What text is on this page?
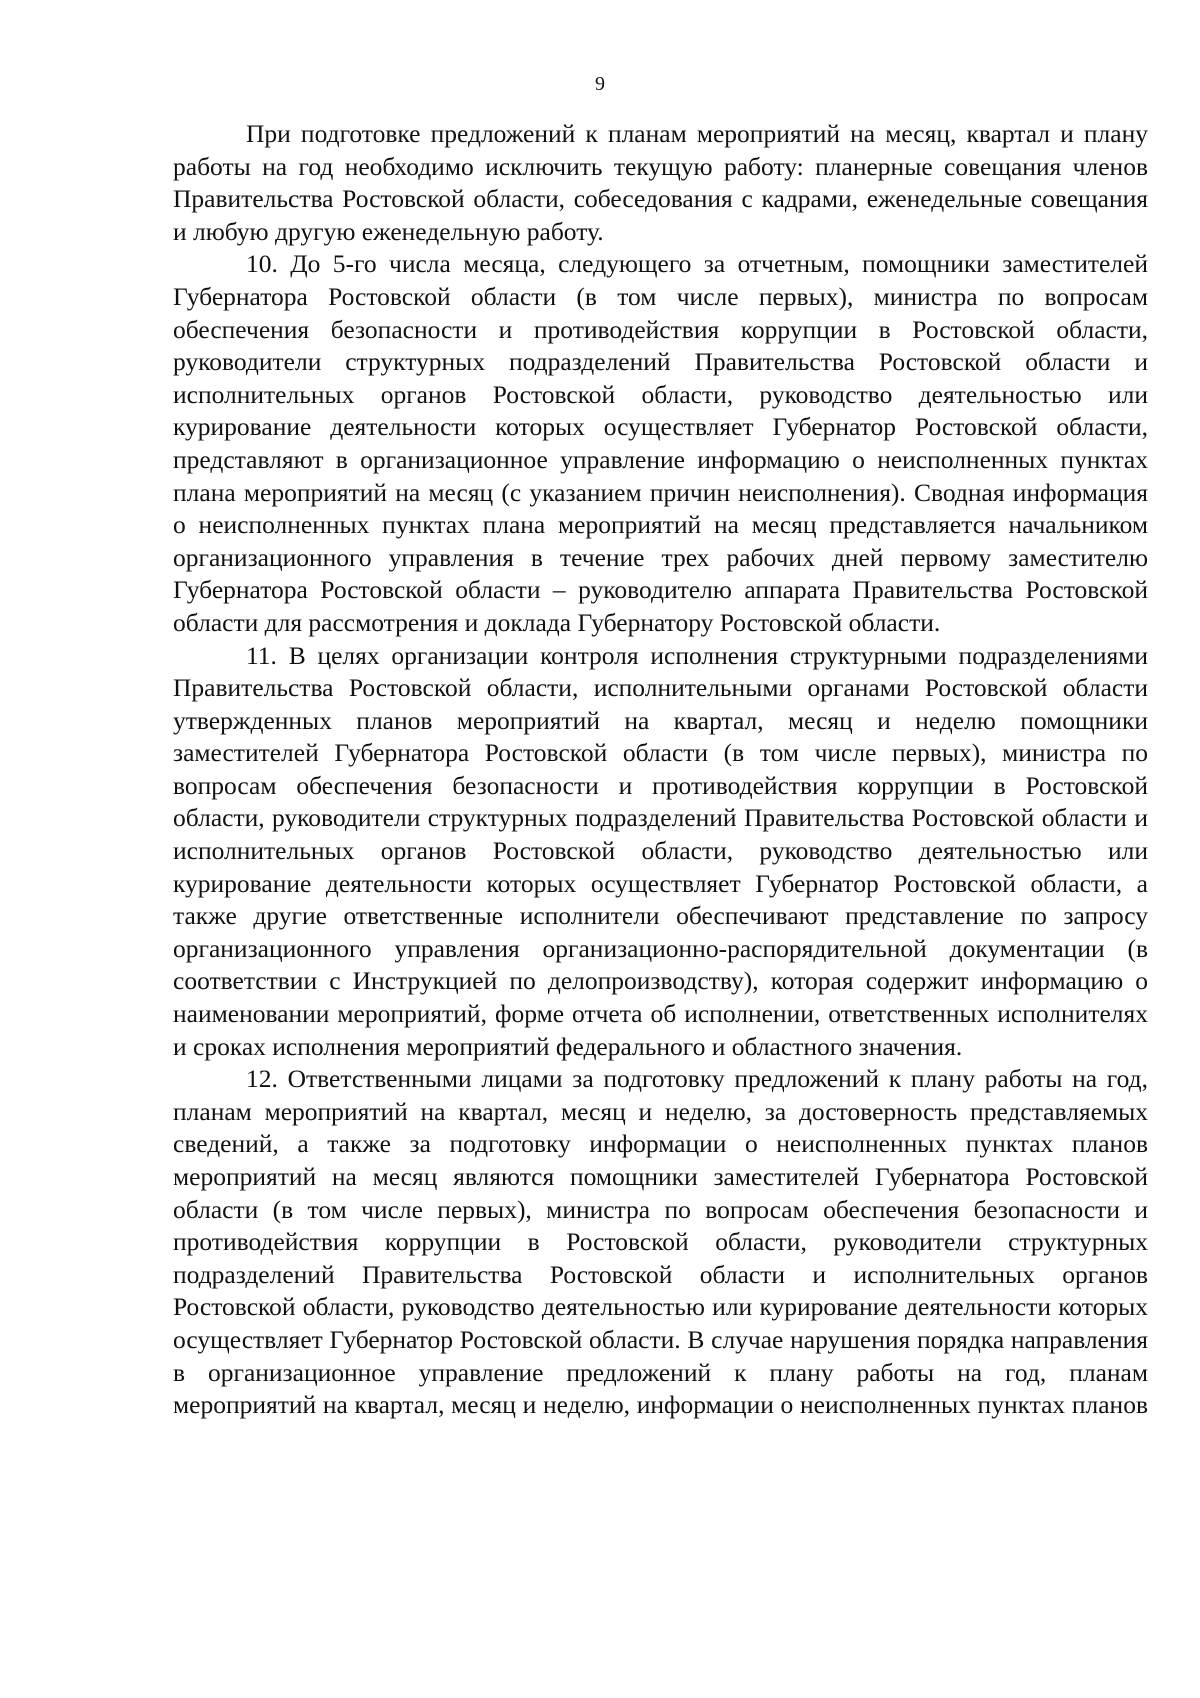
9

При подготовке предложений к планам мероприятий на месяц, квартал и плану работы на год необходимо исключить текущую работу: планерные совещания членов Правительства Ростовской области, собеседования с кадрами, еженедельные совещания и любую другую еженедельную работу.

10. До 5-го числа месяца, следующего за отчетным, помощники заместителей Губернатора Ростовской области (в том числе первых), министра по вопросам обеспечения безопасности и противодействия коррупции в Ростовской области, руководители структурных подразделений Правительства Ростовской области и исполнительных органов Ростовской области, руководство деятельностью или курирование деятельности которых осуществляет Губернатор Ростовской области, представляют в организационное управление информацию о неисполненных пунктах плана мероприятий на месяц (с указанием причин неисполнения). Сводная информация о неисполненных пунктах плана мероприятий на месяц представляется начальником организационного управления в течение трех рабочих дней первому заместителю Губернатора Ростовской области – руководителю аппарата Правительства Ростовской области для рассмотрения и доклада Губернатору Ростовской области.

11. В целях организации контроля исполнения структурными подразделениями Правительства Ростовской области, исполнительными органами Ростовской области утвержденных планов мероприятий на квартал, месяц и неделю помощники заместителей Губернатора Ростовской области (в том числе первых), министра по вопросам обеспечения безопасности и противодействия коррупции в Ростовской области, руководители структурных подразделений Правительства Ростовской области и исполнительных органов Ростовской области, руководство деятельностью или курирование деятельности которых осуществляет Губернатор Ростовской области, а также другие ответственные исполнители обеспечивают представление по запросу организационного управления организационно-распорядительной документации (в соответствии с Инструкцией по делопроизводству), которая содержит информацию о наименовании мероприятий, форме отчета об исполнении, ответственных исполнителях и сроках исполнения мероприятий федерального и областного значения.

12. Ответственными лицами за подготовку предложений к плану работы на год, планам мероприятий на квартал, месяц и неделю, за достоверность представляемых сведений, а также за подготовку информации о неисполненных пунктах планов мероприятий на месяц являются помощники заместителей Губернатора Ростовской области (в том числе первых), министра по вопросам обеспечения безопасности и противодействия коррупции в Ростовской области, руководители структурных подразделений Правительства Ростовской области и исполнительных органов Ростовской области, руководство деятельностью или курирование деятельности которых осуществляет Губернатор Ростовской области. В случае нарушения порядка направления в организационное управление предложений к плану работы на год, планам мероприятий на квартал, месяц и неделю, информации о неисполненных пунктах планов
